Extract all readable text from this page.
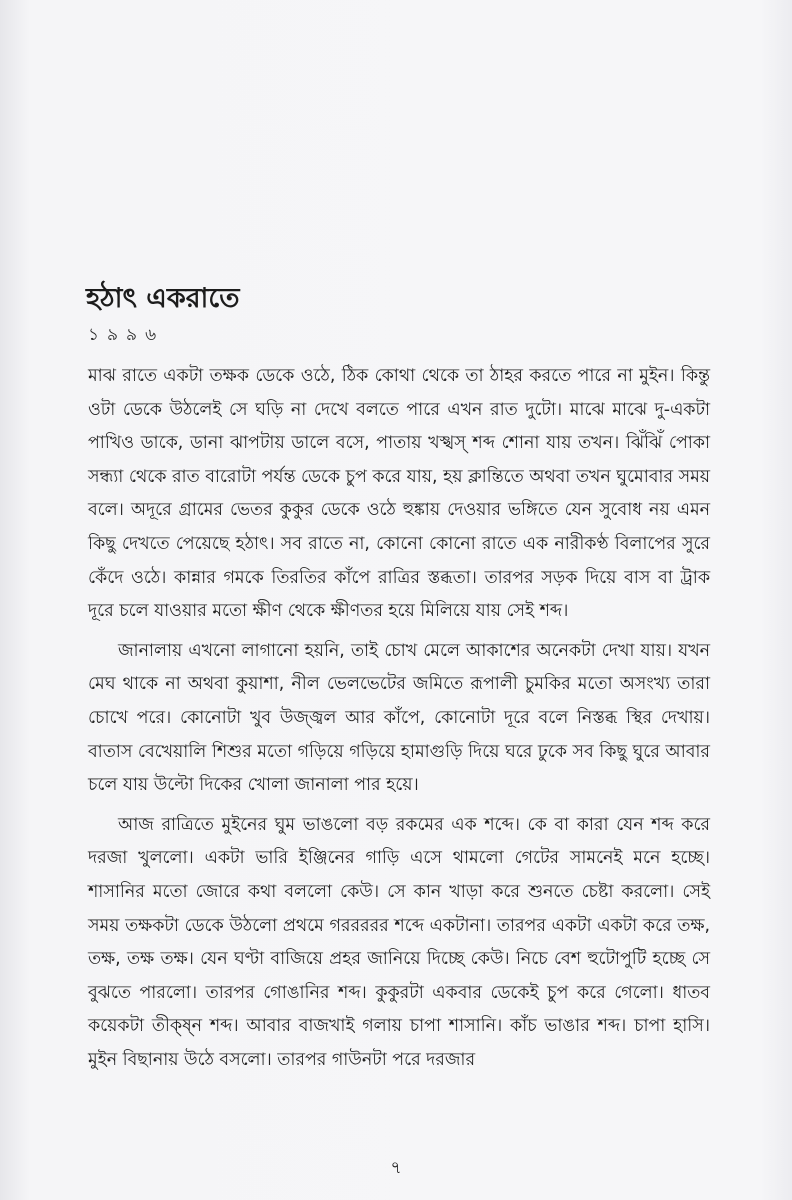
হঠাৎ একরাতে
১৯৯৬

মাঝ রাতে একটা তক্ষক ডেকে ওঠে, ঠিক কোথা থেকে তা ঠাহর করতে পারে না মুইন। কিন্তু ওটা ডেকে উঠলেই সে ঘড়ি না দেখে বলতে পারে এখন রাত দুটো। মাঝে মাঝে দু-একটা পাখিও ডাকে, ডানা ঝাপটায় ডালে বসে, পাতায় খস্খস্ শব্দ শোনা যায় তখন। ঝিঁঝিঁ পোকা সন্ধ্যা থেকে রাত বারোটা পর্যন্ত ডেকে চুপ করে যায়, হয় ক্লান্তিতে অথবা তখন ঘুমোবার সময় বলে। অদূরে গ্রামের ভেতর কুকুর ডেকে ওঠে হুঙ্কায় দেওয়ার ভঙ্গিতে যেন সুবোধ নয় এমন কিছু দেখতে পেয়েছে হঠাৎ। সব রাতে না, কোনো কোনো রাতে এক নারীকণ্ঠ বিলাপের সুরে কেঁদে ওঠে। কান্নার গমকে তিরতির কাঁপে রাত্রির স্তব্ধতা। তারপর সড়ক দিয়ে বাস বা ট্রাক দূরে চলে যাওয়ার মতো ক্ষীণ থেকে ক্ষীণতর হয়ে মিলিয়ে যায় সেই শব্দ।

জানালায় এখনো লাগানো হয়নি, তাই চোখ মেলে আকাশের অনেকটা দেখা যায়। যখন মেঘ থাকে না অথবা কুয়াশা, নীল ভেলভেটের জমিতে রূপালী চুমকির মতো অসংখ্য তারা চোখে পরে। কোনোটা খুব উজ্জ্বল আর কাঁপে, কোনোটা দূরে বলে নিস্তব্ধ স্থির দেখায়। বাতাস বেখেয়ালি শিশুর মতো গড়িয়ে গড়িয়ে হামাগুড়ি দিয়ে ঘরে ঢুকে সব কিছু ঘুরে আবার চলে যায় উল্টো দিকের খোলা জানালা পার হয়ে।

আজ রাত্রিতে মুইনের ঘুম ভাঙলো বড় রকমের এক শব্দে। কে বা কারা যেন শব্দ করে দরজা খুললো। একটা ভারি ইঞ্জিনের গাড়ি এসে থামলো গেটের সামনেই মনে হচ্ছে। শাসানির মতো জোরে কথা বললো কেউ। সে কান খাড়া করে শুনতে চেষ্টা করলো। সেই সময় তক্ষকটা ডেকে উঠলো প্রথমে গররররর শব্দে একটানা। তারপর একটা একটা করে তক্ষ, তক্ষ, তক্ষ তক্ষ। যেন ঘণ্টা বাজিয়ে প্রহর জানিয়ে দিচ্ছে কেউ। নিচে বেশ হুটোপুটি হচ্ছে সে বুঝতে পারলো। তারপর গোঙানির শব্দ। কুকুরটা একবার ডেকেই চুপ করে গেলো। ধাতব কয়েকটা তীক্ষ্ন শব্দ। আবার বাজখাই গলায় চাপা শাসানি। কাঁচ ভাঙার শব্দ। চাপা হাসি। মুইন বিছানায় উঠে বসলো। তারপর গাউনটা পরে দরজার

৭
